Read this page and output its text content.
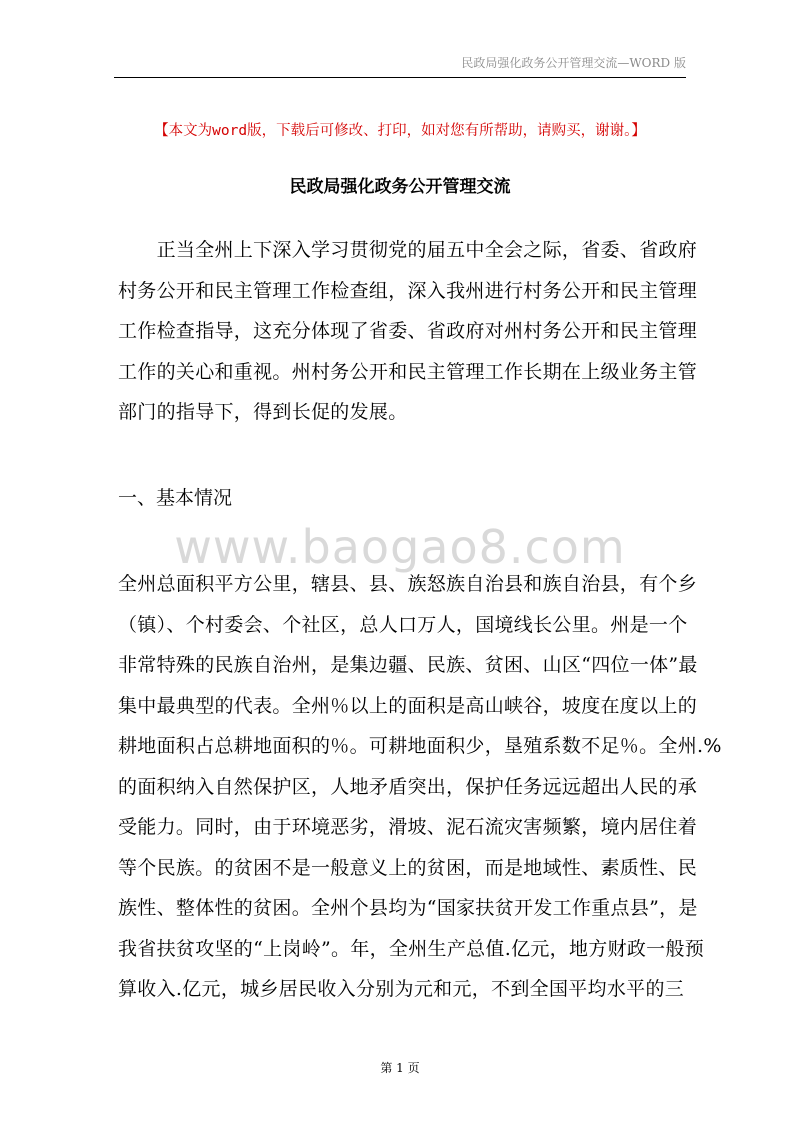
民政局强化政务公开管理交流—WORD 版
【本文为word版，下载后可修改、打印，如对您有所帮助，请购买，谢谢。】
民政局强化政务公开管理交流
　　正当全州上下深入学习贯彻党的届五中全会之际，省委、省政府
村务公开和民主管理工作检查组，深入我州进行村务公开和民主管理
工作检查指导，这充分体现了省委、省政府对州村务公开和民主管理
工作的关心和重视。州村务公开和民主管理工作长期在上级业务主管
部门的指导下，得到长促的发展。
一、基本情况
www.baogao8.com
全州总面积平方公里，辖县、县、族怒族自治县和族自治县，有个乡
（镇）、个村委会、个社区，总人口万人，国境线长公里。州是一个
非常特殊的民族自治州，是集边疆、民族、贫困、山区“四位一体”最
集中最典型的代表。全州％以上的面积是高山峡谷，坡度在度以上的
耕地面积占总耕地面积的％。可耕地面积少，垦殖系数不足％。全州.%
的面积纳入自然保护区，人地矛盾突出，保护任务远远超出人民的承
受能力。同时，由于环境恶劣，滑坡、泥石流灾害频繁，境内居住着
等个民族。的贫困不是一般意义上的贫困，而是地域性、素质性、民
族性、整体性的贫困。全州个县均为“国家扶贫开发工作重点县”，是
我省扶贫攻坚的“上岗岭”。年，全州生产总值.亿元，地方财政一般预
算收入.亿元，城乡居民收入分别为元和元，不到全国平均水平的三
第 1 页
